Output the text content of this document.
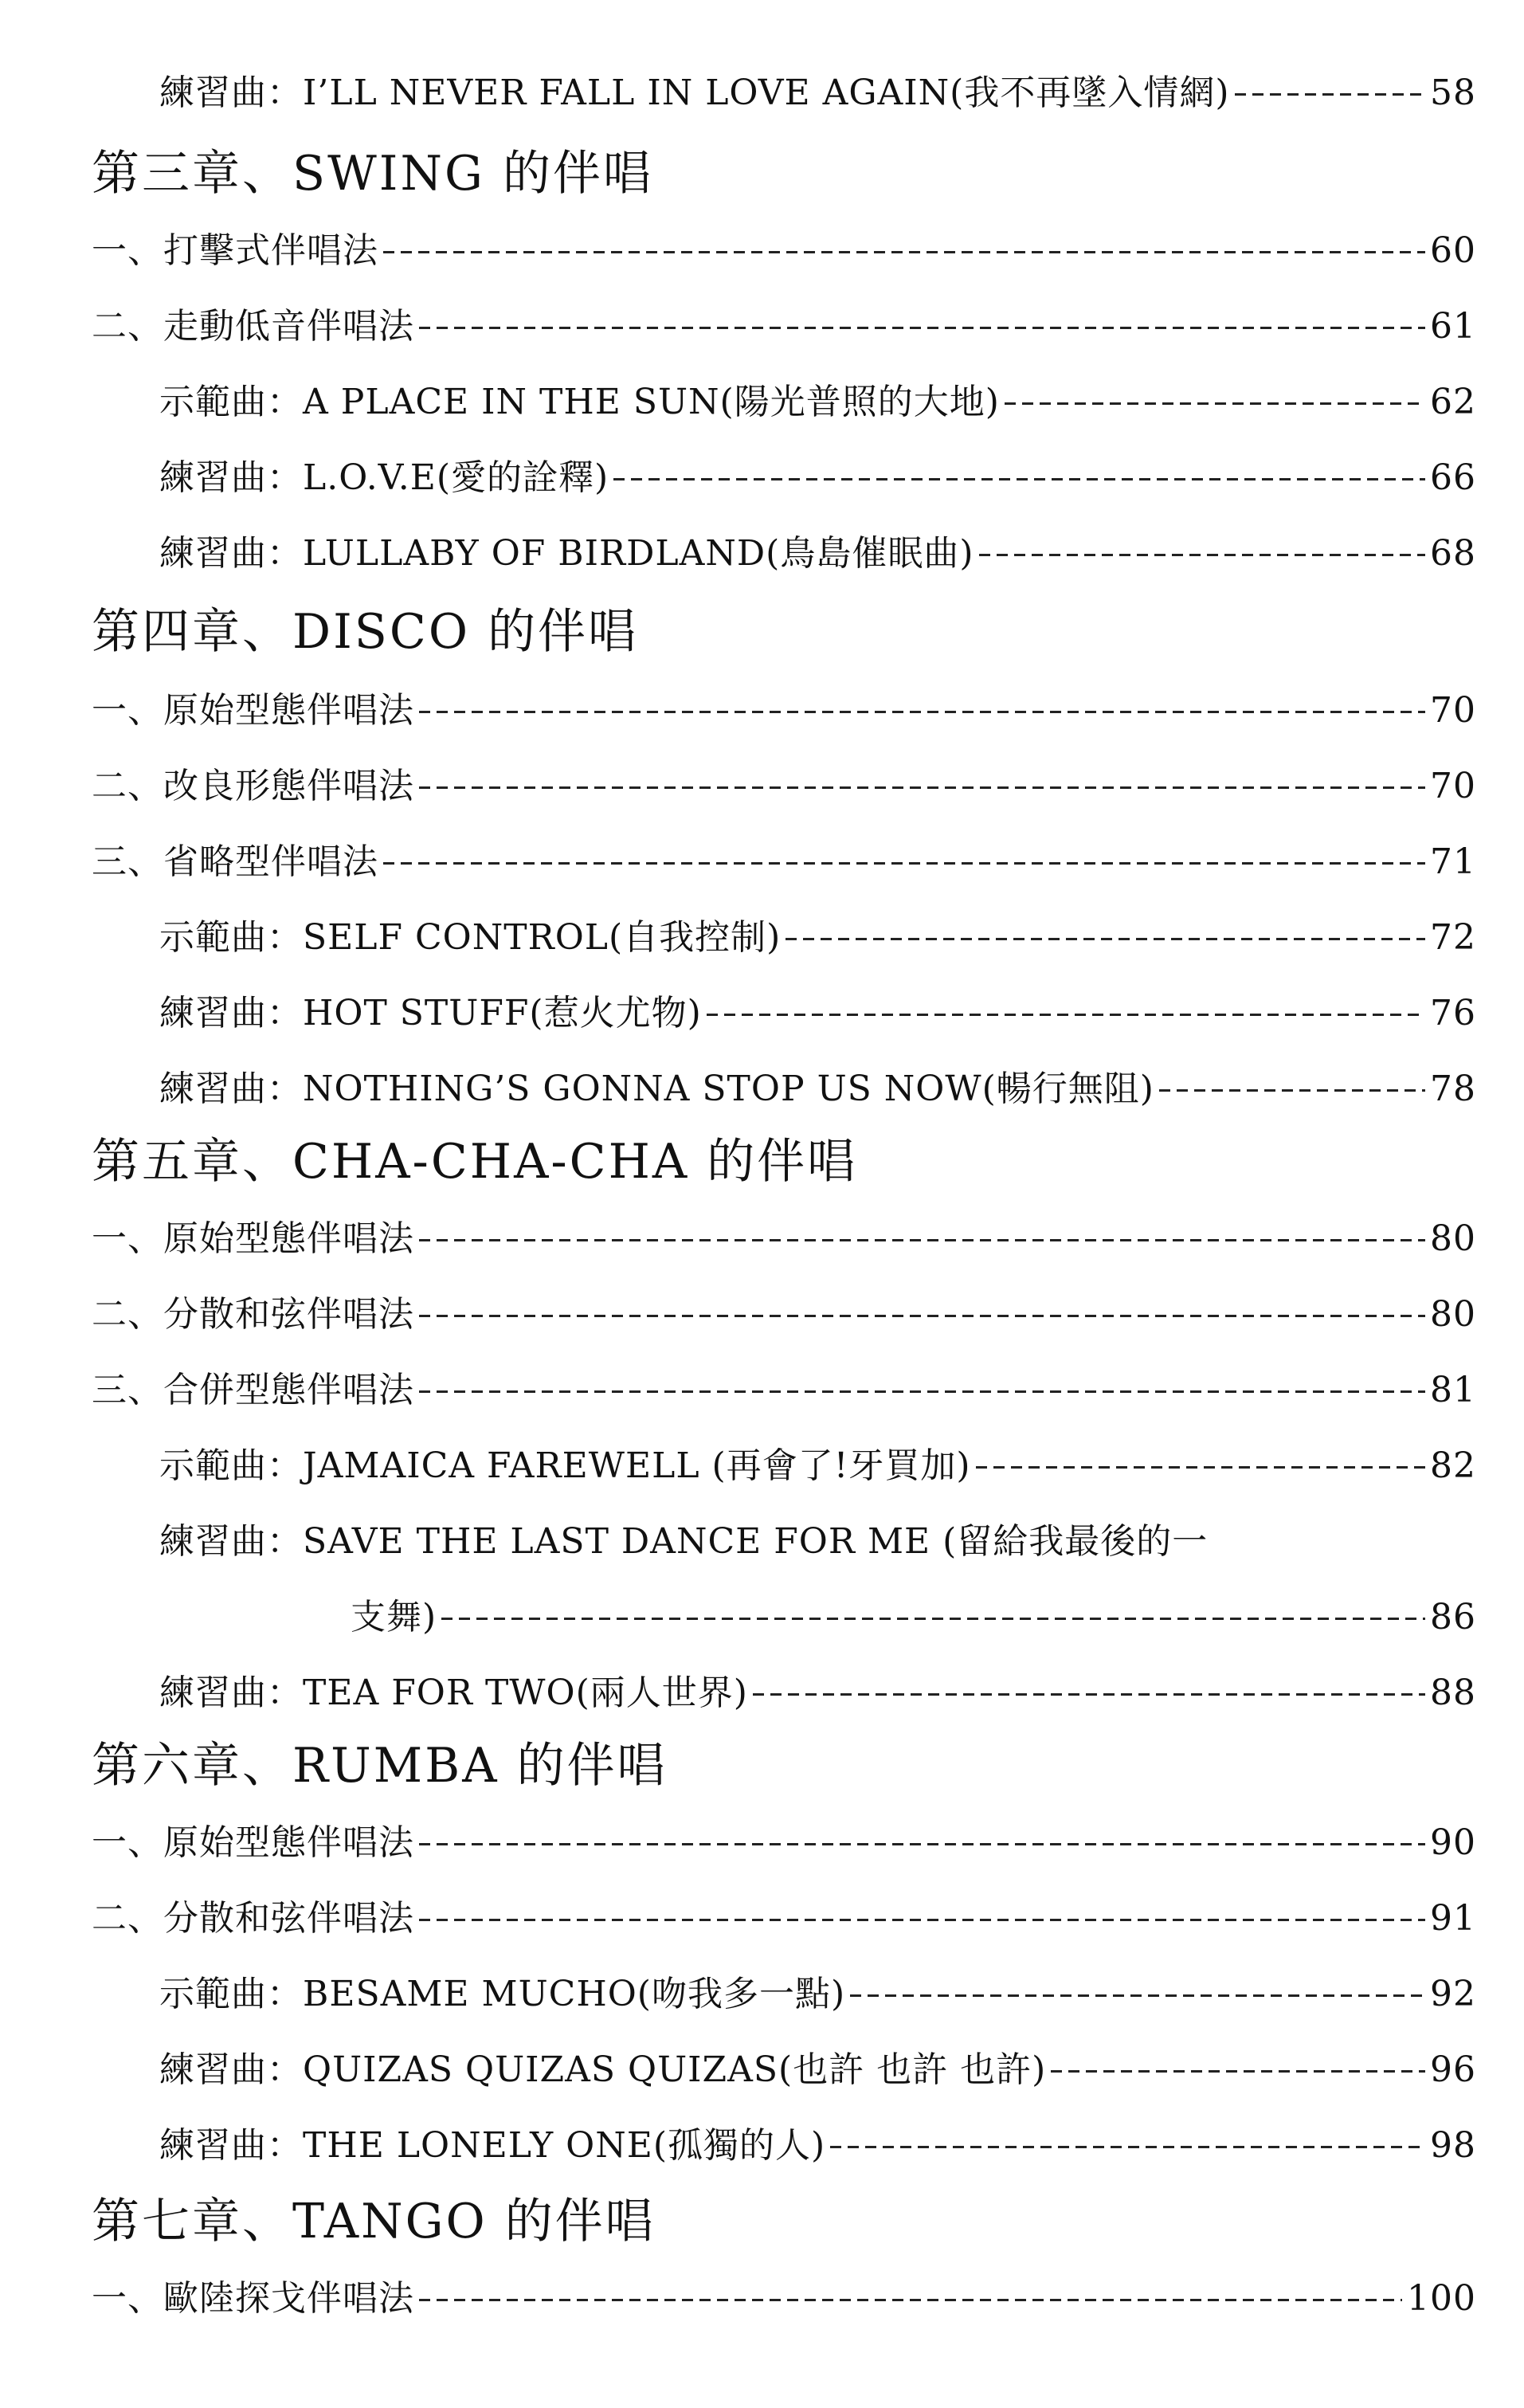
練習曲：I’LL NEVER FALL IN LOVE AGAIN(我不再墜入情網)	58
第三章、SWING 的伴唱
一、打擊式伴唱法	60
二、走動低音伴唱法	61
示範曲：A PLACE IN THE SUN(陽光普照的大地)	62
練習曲：L.O.V.E(愛的詮釋)	66
練習曲：LULLABY OF BIRDLAND(鳥島催眠曲)	68
第四章、DISCO 的伴唱
一、原始型態伴唱法	70
二、改良形態伴唱法	70
三、省略型伴唱法	71
示範曲：SELF CONTROL(自我控制)	72
練習曲：HOT STUFF(惹火尤物)	76
練習曲：NOTHING’S GONNA STOP US NOW(暢行無阻)	78
第五章、CHA-CHA-CHA 的伴唱
一、原始型態伴唱法	80
二、分散和弦伴唱法	80
三、合併型態伴唱法	81
示範曲：JAMAICA FAREWELL (再會了!牙買加)	82
練習曲：SAVE THE LAST DANCE FOR ME (留給我最後的一
支舞)	86
練習曲：TEA FOR TWO(兩人世界)	88
第六章、RUMBA 的伴唱
一、原始型態伴唱法	90
二、分散和弦伴唱法	91
示範曲：BESAME MUCHO(吻我多一點)	92
練習曲：QUIZAS QUIZAS QUIZAS(也許 也許 也許)	96
練習曲：THE LONELY ONE(孤獨的人)	98
第七章、TANGO 的伴唱
一、歐陸探戈伴唱法	100
